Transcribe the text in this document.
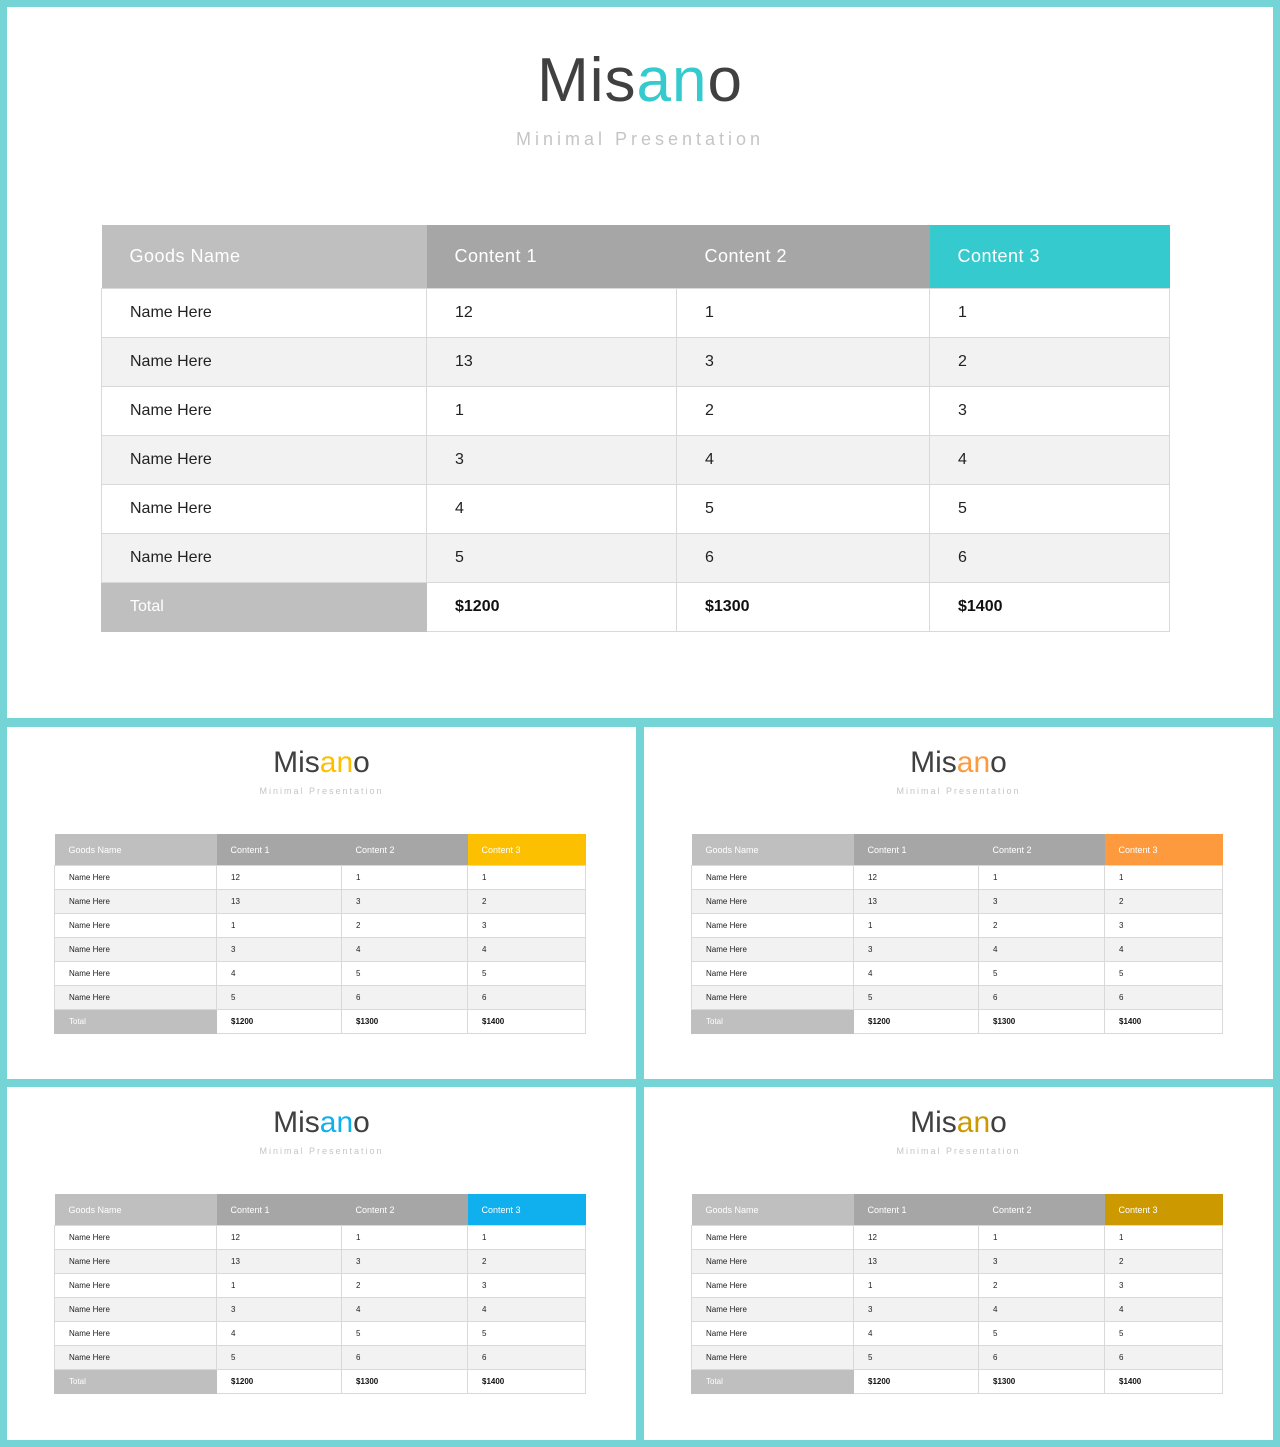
Misano
Minimal Presentation
Goods Name	Content 1	Content 2	Content 3
Name Here	12	1	1
Name Here	13	3	2
Name Here	1	2	3
Name Here	3	4	4
Name Here	4	5	5
Name Here	5	6	6
Total	$1200	$1300	$1400
Misano
Minimal Presentation
Goods Name	Content 1	Content 2	Content 3
Name Here	12	1	1
Name Here	13	3	2
Name Here	1	2	3
Name Here	3	4	4
Name Here	4	5	5
Name Here	5	6	6
Total	$1200	$1300	$1400
Misano
Minimal Presentation
Goods Name	Content 1	Content 2	Content 3
Name Here	12	1	1
Name Here	13	3	2
Name Here	1	2	3
Name Here	3	4	4
Name Here	4	5	5
Name Here	5	6	6
Total	$1200	$1300	$1400
Misano
Minimal Presentation
Goods Name	Content 1	Content 2	Content 3
Name Here	12	1	1
Name Here	13	3	2
Name Here	1	2	3
Name Here	3	4	4
Name Here	4	5	5
Name Here	5	6	6
Total	$1200	$1300	$1400
Misano
Minimal Presentation
Goods Name	Content 1	Content 2	Content 3
Name Here	12	1	1
Name Here	13	3	2
Name Here	1	2	3
Name Here	3	4	4
Name Here	4	5	5
Name Here	5	6	6
Total	$1200	$1300	$1400
